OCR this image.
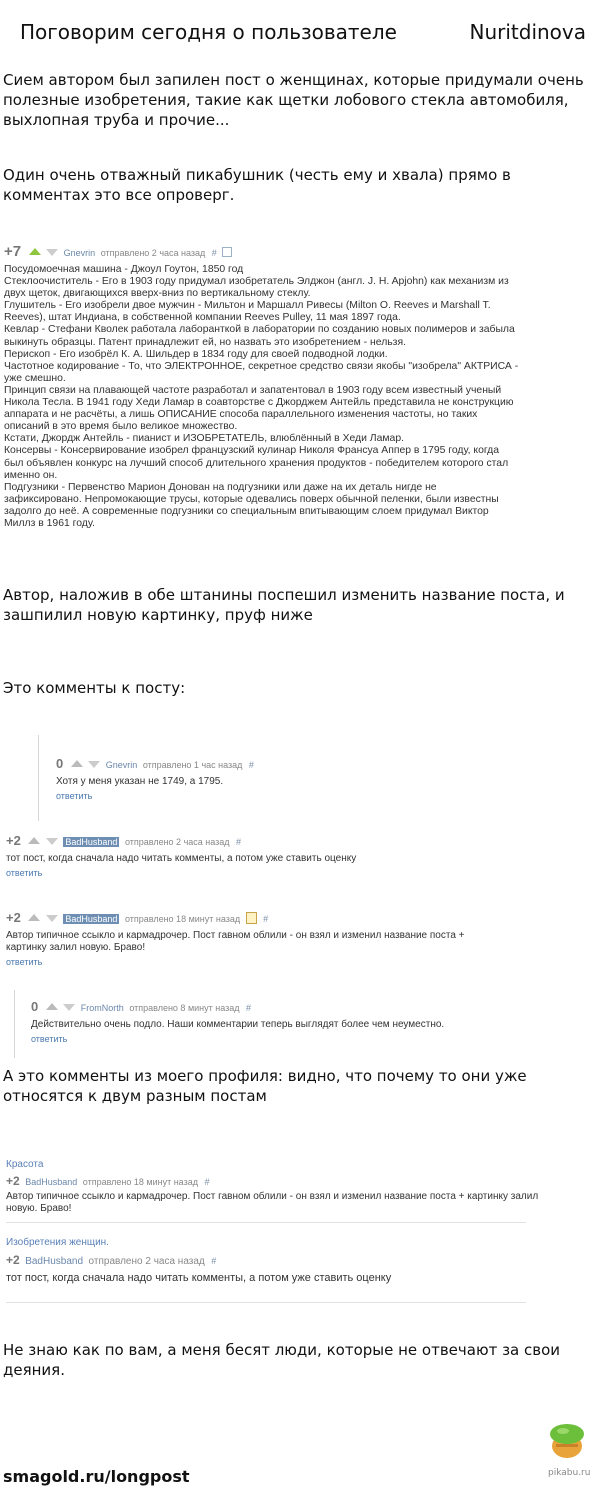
Поговорим сегодня о пользователе	Nuritdinova

Сием автором был запилен пост о женщинах, которые придумали очень полезные изобретения, такие как щетки лобового стекла автомобиля, выхлопная труба и прочие...

Один очень отважный пикабушник (честь ему и хвала) прямо в комментах это все опроверг.

+7	Gnevrin отправлено 2 часа назад #
Посудомоечная машина - Джоул Гоутон, 1850 год
Стеклоочиститель - Его в 1903 году придумал изобретатель Элджон (англ. J. H. Apjohn) как механизм из
двух щеток, двигающихся вверх-вниз по вертикальному стеклу.
Глушитель - Его изобрели двое мужчин - Мильтон и Маршалл Ривесы (Milton O. Reeves и Marshall T.
Reeves), штат Индиана, в собственной компании Reeves Pulley, 11 мая 1897 года.
Кевлар - Стефани Кволек работала лаборанткой в лаборатории по созданию новых полимеров и забыла
выкинуть образцы. Патент принадлежит ей, но назвать это изобретением - нельзя.
Перископ - Его изобрёл К. А. Шильдер в 1834 году для своей подводной лодки.
Частотное кодирование - То, что ЭЛЕКТРОННОЕ, секретное средство связи якобы "изобрела" АКТРИСА -
уже смешно.
Принцип связи на плавающей частоте разработал и запатентовал в 1903 году всем известный ученый
Никола Тесла. В 1941 году Хеди Ламар в соавторстве с Джорджем Антейль представила не конструкцию
аппарата и не расчёты, а лишь ОПИСАНИЕ способа параллельного изменения частоты, но таких
описаний в это время было великое множество.
Кстати, Джордж Антейль - пианист и ИЗОБРЕТАТЕЛЬ, влюблённый в Хеди Ламар.
Консервы - Консервирование изобрел французский кулинар Николя Франсуа Аппер в 1795 году, когда
был объявлен конкурс на лучший способ длительного хранения продуктов - победителем которого стал
именно он.
Подгузники - Первенство Марион Донован на подгузники или даже на их деталь нигде не
зафиксировано. Непромокающие трусы, которые одевались поверх обычной пеленки, были известны
задолго до неё. А современные подгузники со специальным впитывающим слоем придумал Виктор
Миллз в 1961 году.

Автор, наложив в обе штанины поспешил изменить название поста, и зашпилил новую картинку, пруф ниже

Это комменты к посту:

0	Gnevrin отправлено 1 час назад #
Хотя у меня указан не 1749, а 1795.
ответить
+2	BadHusband отправлено 2 часа назад #
тот пост, когда сначала надо читать комменты, а потом уже ставить оценку
ответить
+2	BadHusband отправлено 18 минут назад	#
Автор типичное ссыкло и кармадрочер. Пост гавном облили - он взял и изменил название поста +
картинку залил новую. Браво!
ответить
0	FromNorth отправлено 8 минут назад #
Действительно очень подло. Наши комментарии теперь выглядят более чем неуместно.
ответить

А это комменты из моего профиля: видно, что почему то они уже относятся к двум разным постам

Красота
+2 BadHusband отправлено 18 минут назад #
Автор типичное ссыкло и кармадрочер. Пост гавном облили - он взял и изменил название поста + картинку залил
новую. Браво!
Изобретения женщин.
+2 BadHusband отправлено 2 часа назад #
тот пост, когда сначала надо читать комменты, а потом уже ставить оценку

Не знаю как по вам, а меня бесят люди, которые не отвечают за свои деяния.

smagold.ru/longpost	pikabu.ru
